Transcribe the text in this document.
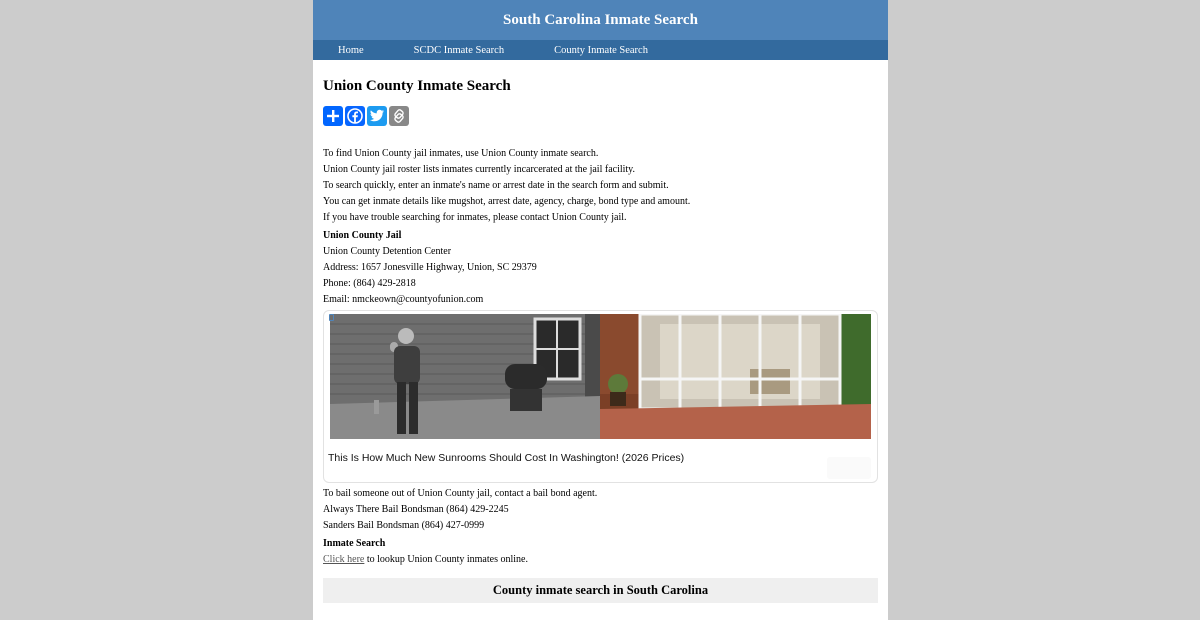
South Carolina Inmate Search
Home	SCDC Inmate Search	County Inmate Search
Union County Inmate Search
To find Union County jail inmates, use Union County inmate search.
Union County jail roster lists inmates currently incarcerated at the jail facility.
To search quickly, enter an inmate's name or arrest date in the search form and submit.
You can get inmate details like mugshot, arrest date, agency, charge, bond type and amount.
If you have trouble searching for inmates, please contact Union County jail.
Union County Jail
Union County Detention Center
Address: 1657 Jonesville Highway, Union, SC 29379
Phone: (864) 429-2818
Email: nmckeown@countyofunion.com
This Is How Much New Sunrooms Should Cost In Washington! (2026 Prices)
To bail someone out of Union County jail, contact a bail bond agent.
Always There Bail Bondsman (864) 429-2245
Sanders Bail Bondsman (864) 427-0999
Inmate Search
Click here to lookup Union County inmates online.
County inmate search in South Carolina
